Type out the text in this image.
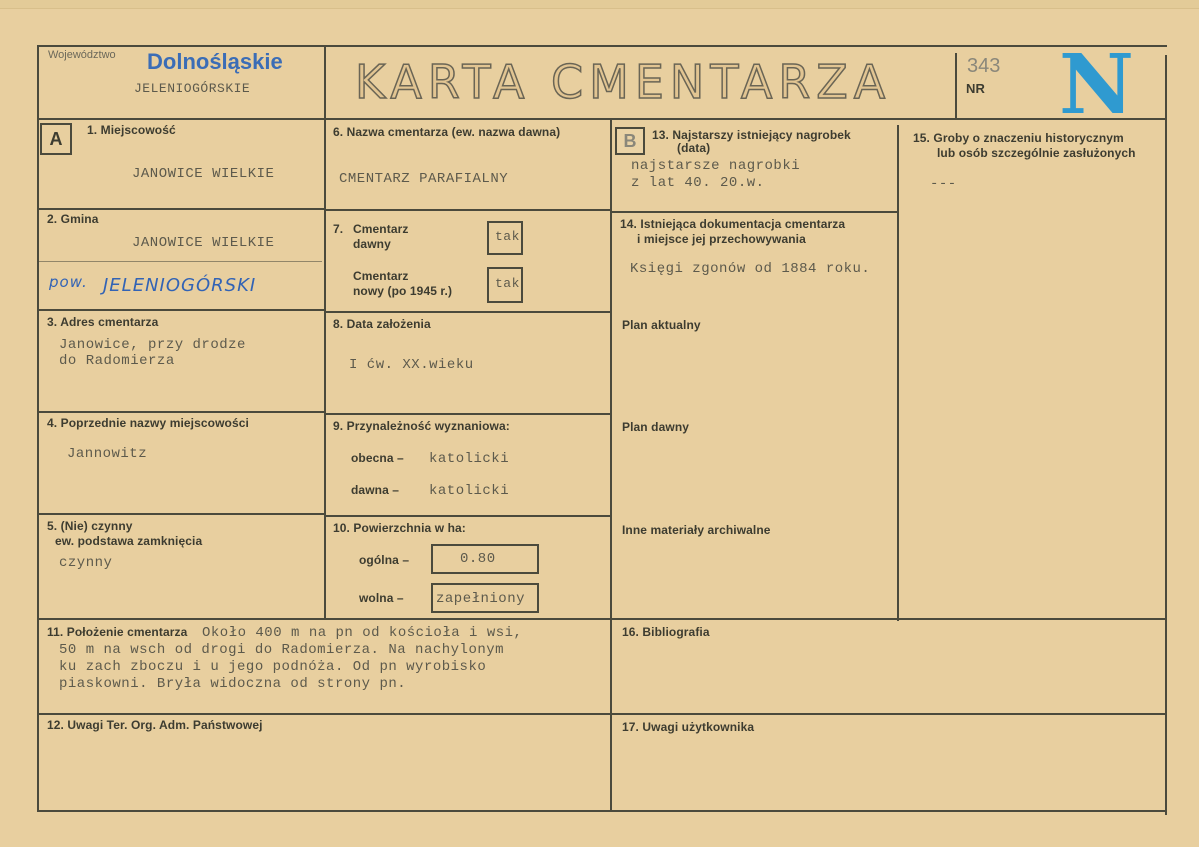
Województwo Dolnośląskie
JELENIOGÓRSKIE KARTA CMENTARZA	343
NR N
A	1. Miejscowość
JANOWICE WIELKIE
2. Gmina
JANOWICE WIELKIE
pow. JELENIOGÓRSKI
3. Adres cmentarza
Janowice, przy drodze
do Radomierza
4. Poprzednie nazwy miejscowości
Jannowitz
5. (Nie) czynny
ew. podstawa zamknięcia
czynny
6. Nazwa cmentarza (ew. nazwa dawna)
CMENTARZ PARAFIALNY
7. Cmentarz
dawny	tak
Cmentarz
nowy (po 1945 r.)	tak
8. Data założenia
I ćw. XX.wieku
9. Przynależność wyznaniowa:
obecna – katolicki
dawna – katolicki
10. Powierzchnia w ha:
ogólna –	0.80
wolna – zapełniony
11. Położenie cmentarza Około 400 m na pn od kościoła i wsi,
50 m na wsch od drogi do Radomierza. Na nachylonym
ku zach zboczu i u jego podnóża. Od pn wyrobisko
piaskowni. Bryła widoczna od strony pn.
12. Uwagi Ter. Org. Adm. Państwowej
B	13. Najstarszy istniejący nagrobek
(data)
najstarsze nagrobki
z lat 40. 20.w.
14. Istniejąca dokumentacja cmentarza
i miejsce jej przechowywania
Księgi zgonów od 1884 roku.
Plan aktualny
Plan dawny
Inne materiały archiwalne
15. Groby o znaczeniu historycznym
lub osób szczególnie zasłużonych
---
16. Bibliografia
17. Uwagi użytkownika
